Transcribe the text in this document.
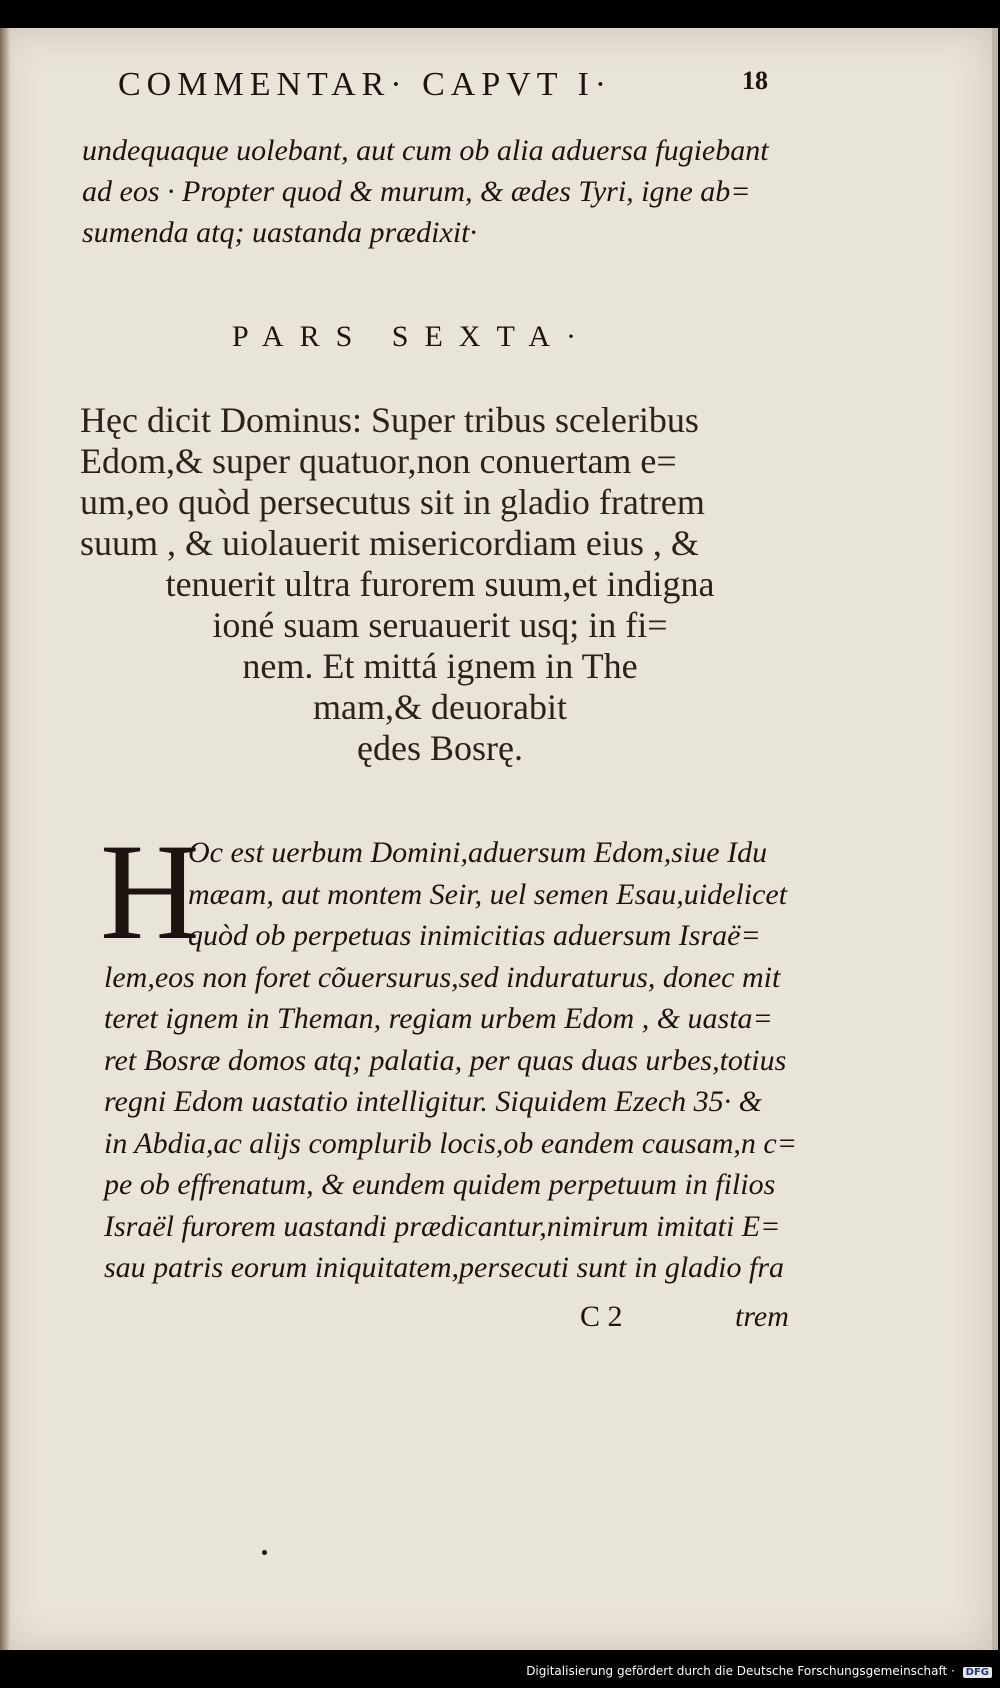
COMMENTAR· CAPVT I·	18
undequaque uolebant, aut cum ob alia aduersa fugiebant
ad eos · Propter quod & murum, & ædes Tyri, igne ab=
sumenda atq; uastanda prædixit·
PARS SEXTA·
Hęc dicit Dominus: Super tribus sceleribus
Edom,& super quatuor,non conuertam e=
um,eo quòd persecutus sit in gladio fratrem
suum , & uiolauerit misericordiam eius , &
tenuerit ultra furorem suum,et indigna
ioné suam seruauerit usq; in fi=
nem. Et mittá ignem in The
mam,& deuorabit
ędes Bosrę.
H
Oc est uerbum Domini,aduersum Edom,siue Idu
mæam, aut montem Seir, uel semen Esau,uidelicet
quòd ob perpetuas inimicitias aduersum Israë=
lem,eos non foret cõuersurus,sed induraturus, donec mit
teret ignem in Theman, regiam urbem Edom , & uasta=
ret Bosræ domos atq; palatia, per quas duas urbes,totius
regni Edom uastatio intelligitur. Siquidem Ezech 35· &
in Abdia,ac alijs complurib locis,ob eandem causam,n c=
pe ob effrenatum, & eundem quidem perpetuum in filios
Israël furorem uastandi prædicantur,nimirum imitati E=
sau patris eorum iniquitatem,persecuti sunt in gladio fra
C 2	trem
Digitalisierung gefördert durch die Deutsche Forschungsgemeinschaft · DFG
